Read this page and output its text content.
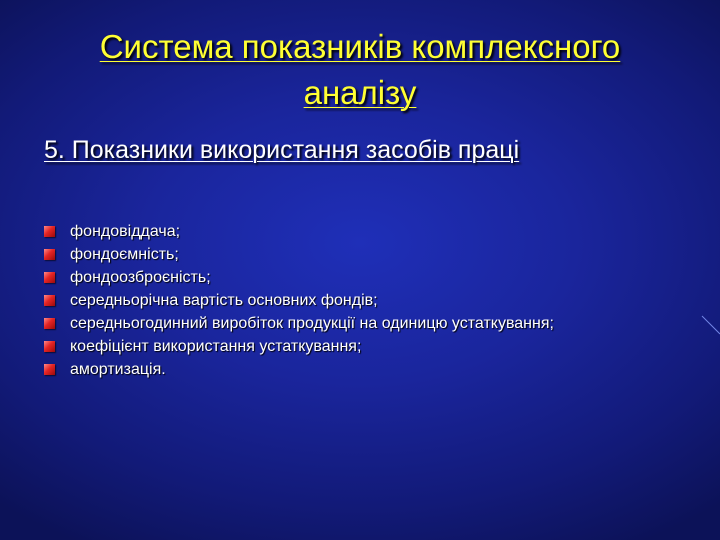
Система показників комплексного
аналізу
5. Показники використання засобів праці
фондовіддача;
фондоємність;
фондоозброєність;
середньорічна вартість основних фондів;
середньогодинний виробіток продукції на одиницю устаткування;
коефіцієнт використання устаткування;
амортизація.
